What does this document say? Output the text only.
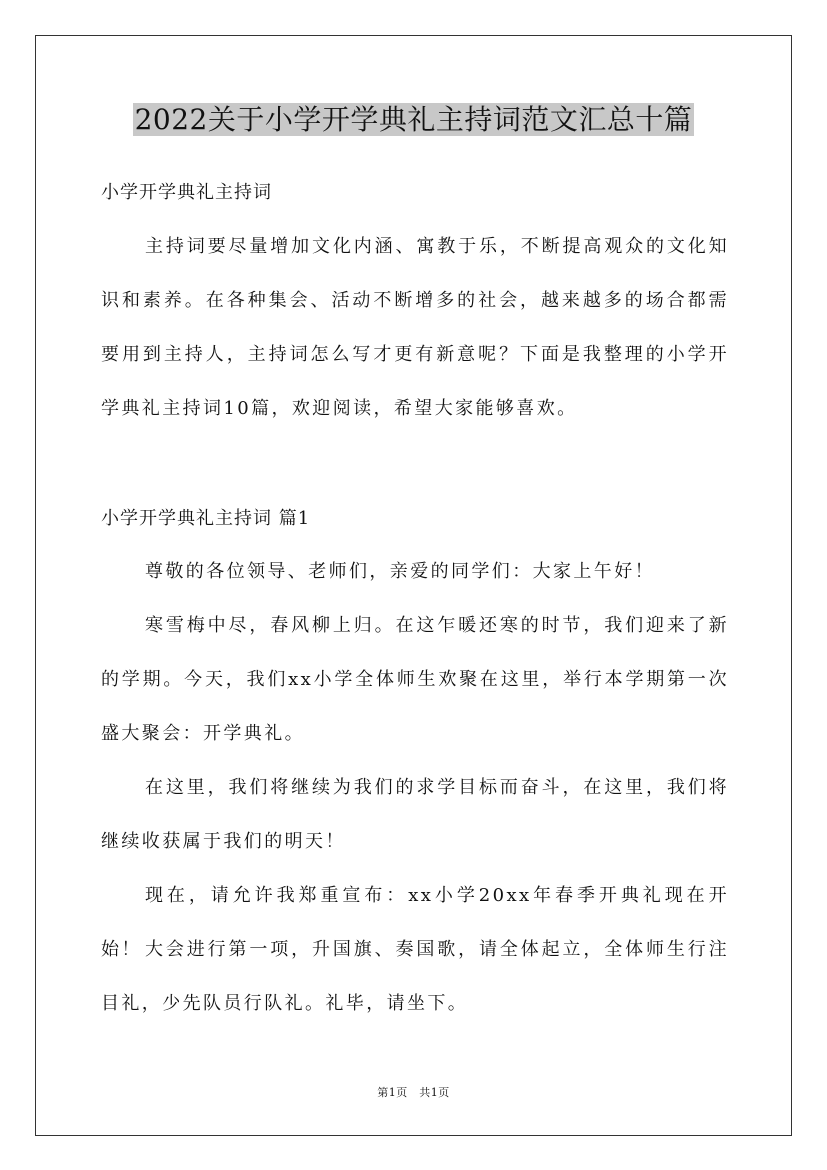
2022关于小学开学典礼主持词范文汇总十篇
小学开学典礼主持词

主持词要尽量增加文化内涵、寓教于乐，不断提高观众的文化知识和素养。在各种集会、活动不断增多的社会，越来越多的场合都需要用到主持人，主持词怎么写才更有新意呢？下面是我整理的小学开学典礼主持词10篇，欢迎阅读，希望大家能够喜欢。

小学开学典礼主持词 篇1

尊敬的各位领导、老师们，亲爱的同学们：大家上午好！

寒雪梅中尽，春风柳上归。在这乍暖还寒的时节，我们迎来了新的学期。今天，我们xx小学全体师生欢聚在这里，举行本学期第一次盛大聚会：开学典礼。

在这里，我们将继续为我们的求学目标而奋斗，在这里，我们将继续收获属于我们的明天！

现在，请允许我郑重宣布：xx小学20xx年春季开典礼现在开始！ 大会进行第一项，升国旗、奏国歌，请全体起立，全体师生行注目礼，少先队员行队礼。礼毕，请坐下。

第1页　共1页
